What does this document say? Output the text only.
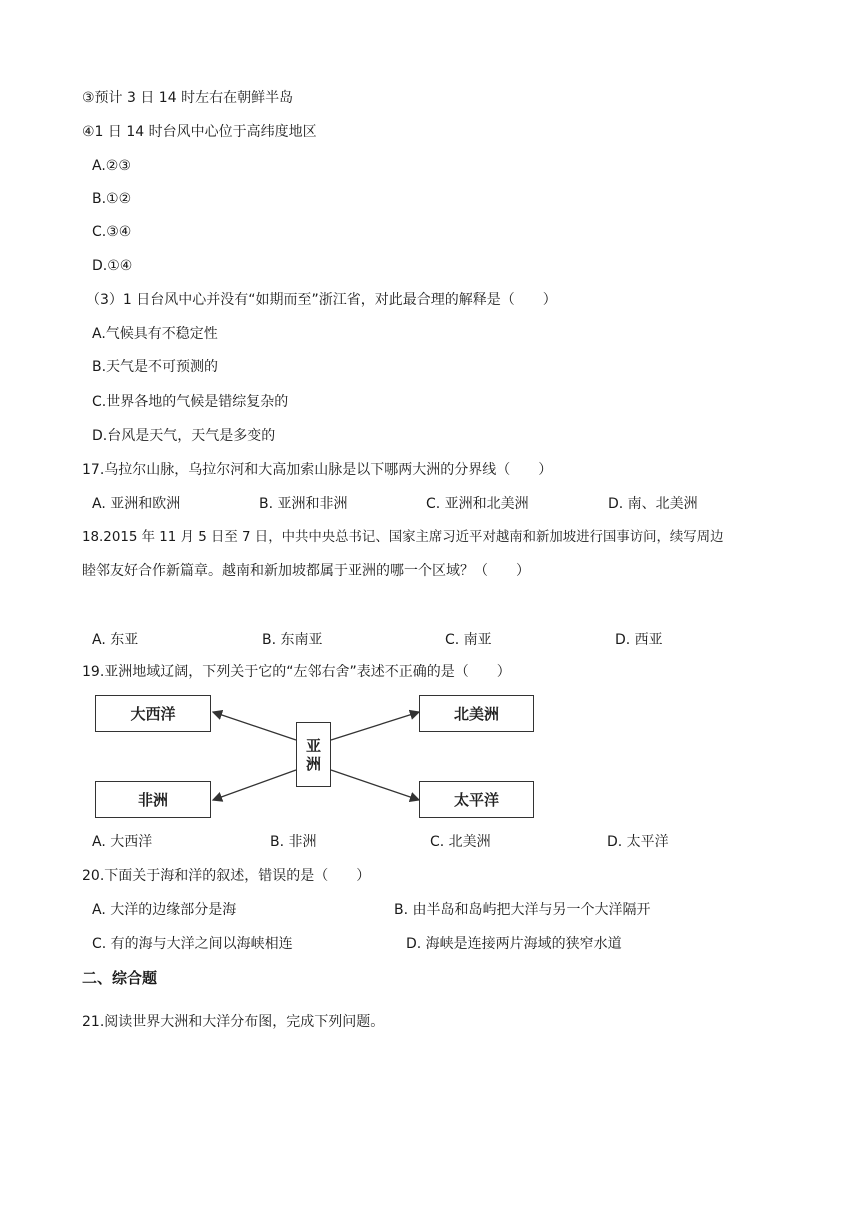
③预计 3 日 14 时左右在朝鲜半岛
④1 日 14 时台风中心位于高纬度地区
A.②③
B.①②
C.③④
D.①④
（3）1 日台风中心并没有“如期而至”浙江省，对此最合理的解释是（　　）
A.气候具有不稳定性
B.天气是不可预测的
C.世界各地的气候是错综复杂的
D.台风是天气，天气是多变的
17.乌拉尔山脉，乌拉尔河和大高加索山脉是以下哪两大洲的分界线（　　）
A. 亚洲和欧洲	B. 亚洲和非洲	C. 亚洲和北美洲	D. 南、北美洲
18.2015 年 11 月 5 日至 7 日，中共中央总书记、国家主席习近平对越南和新加坡进行国事访问，续写周边
睦邻友好合作新篇章。越南和新加坡都属于亚洲的哪一个区域？（　　）
A. 东亚	B. 东南亚	C. 南亚	D. 西亚
19.亚洲地域辽阔，下列关于它的“左邻右舍”表述不正确的是（　　）
大西洋
非洲
亚
洲
北美洲
太平洋
A. 大西洋	B. 非洲	C. 北美洲	D. 太平洋
20.下面关于海和洋的叙述，错误的是（　　）
A. 大洋的边缘部分是海	B. 由半岛和岛屿把大洋与另一个大洋隔开
C. 有的海与大洋之间以海峡相连	D. 海峡是连接两片海域的狭窄水道
二、综合题
21.阅读世界大洲和大洋分布图，完成下列问题。
